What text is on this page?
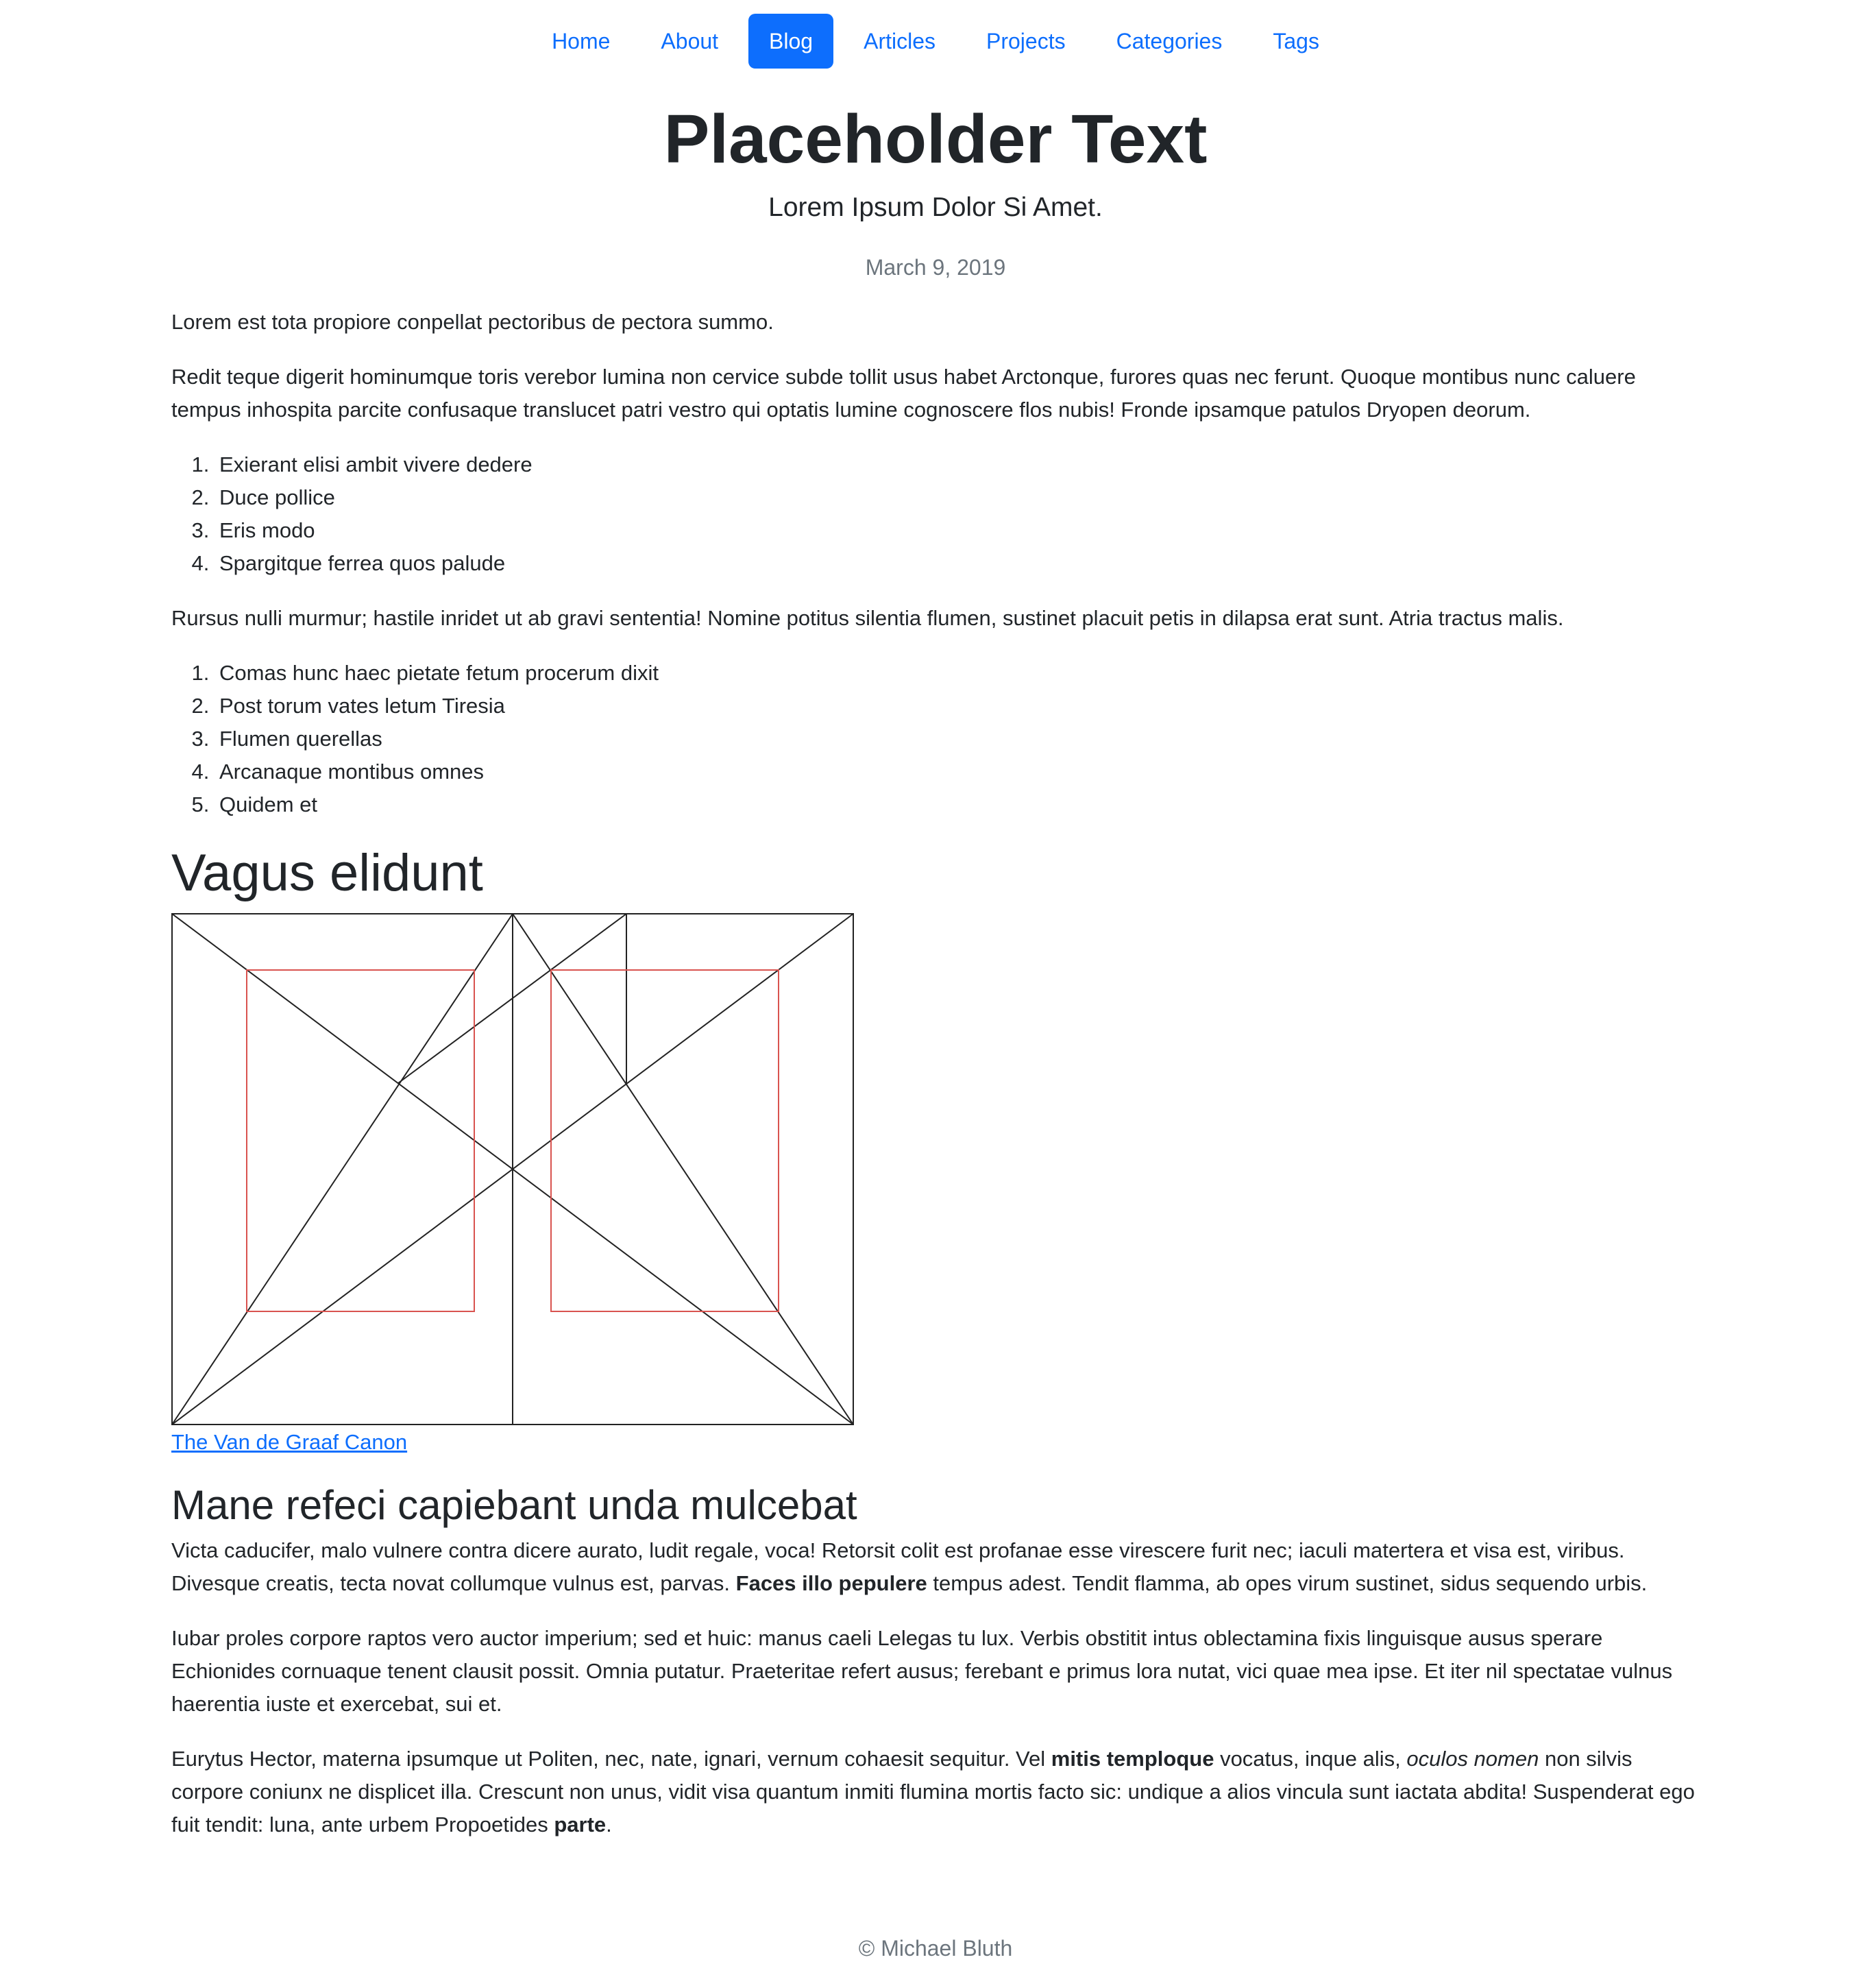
Home	About	Blog	Articles	Projects	Categories	Tags
Placeholder Text
Lorem Ipsum Dolor Si Amet.
March 9, 2019

Lorem est tota propiore conpellat pectoribus de pectora summo.

Redit teque digerit hominumque toris verebor lumina non cervice subde tollit usus habet Arctonque, furores quas nec ferunt. Quoque montibus nunc caluere tempus inhospita parcite confusaque translucet patri vestro qui optatis lumine cognoscere flos nubis! Fronde ipsamque patulos Dryopen deorum.

1. Exierant elisi ambit vivere dedere
2. Duce pollice
3. Eris modo
4. Spargitque ferrea quos palude

Rursus nulli murmur; hastile inridet ut ab gravi sententia! Nomine potitus silentia flumen, sustinet placuit petis in dilapsa erat sunt. Atria tractus malis.

1. Comas hunc haec pietate fetum procerum dixit
2. Post torum vates letum Tiresia
3. Flumen querellas
4. Arcanaque montibus omnes
5. Quidem et
Vagus elidunt

The Van de Graaf Canon

Mane refeci capiebant unda mulcebat

Victa caducifer, malo vulnere contra dicere aurato, ludit regale, voca! Retorsit colit est profanae esse virescere furit nec; iaculi matertera et visa est, viribus. Divesque creatis, tecta novat collumque vulnus est, parvas. Faces illo pepulere tempus adest. Tendit flamma, ab opes virum sustinet, sidus sequendo urbis.

Iubar proles corpore raptos vero auctor imperium; sed et huic: manus caeli Lelegas tu lux. Verbis obstitit intus oblectamina fixis linguisque ausus sperare Echionides cornuaque tenent clausit possit. Omnia putatur. Praeteritae refert ausus; ferebant e primus lora nutat, vici quae mea ipse. Et iter nil spectatae vulnus haerentia iuste et exercebat, sui et.

Eurytus Hector, materna ipsumque ut Politen, nec, nate, ignari, vernum cohaesit sequitur. Vel mitis temploque vocatus, inque alis, oculos nomen non silvis corpore coniunx ne displicet illa. Crescunt non unus, vidit visa quantum inmiti flumina mortis facto sic: undique a alios vincula sunt iactata abdita! Suspenderat ego fuit tendit: luna, ante urbem Propoetides parte.

© Michael Bluth
